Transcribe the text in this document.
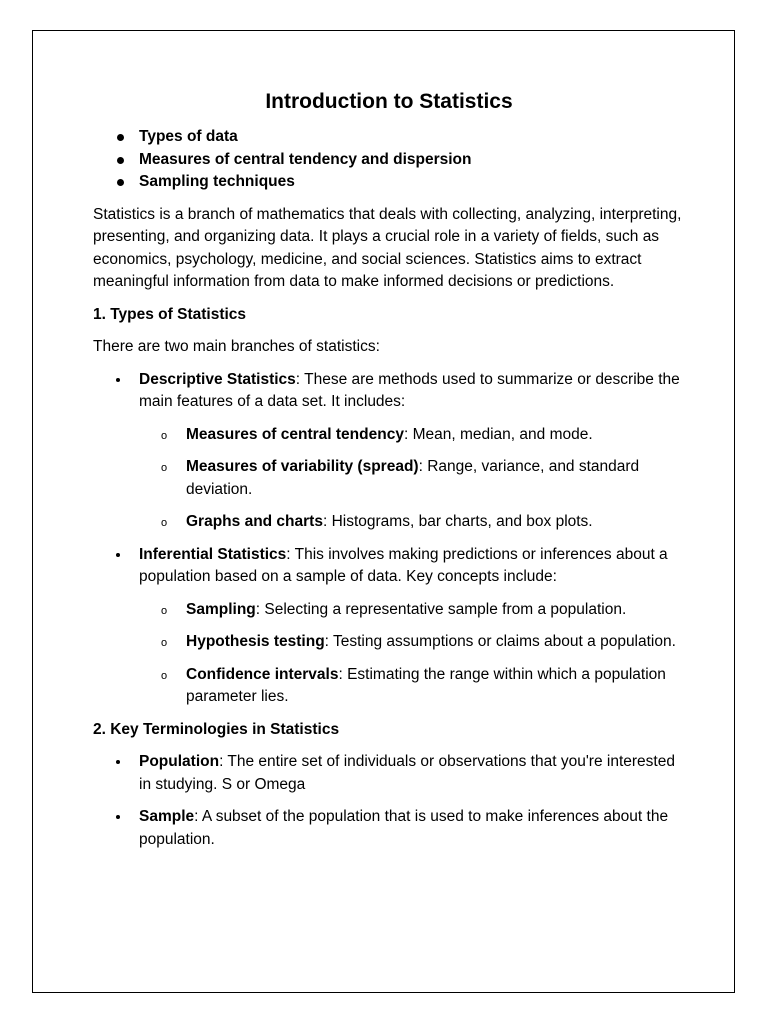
Introduction to Statistics
Types of data
Measures of central tendency and dispersion
Sampling techniques

Statistics is a branch of mathematics that deals with collecting, analyzing, interpreting, presenting, and organizing data. It plays a crucial role in a variety of fields, such as economics, psychology, medicine, and social sciences. Statistics aims to extract meaningful information from data to make informed decisions or predictions.

1. Types of Statistics

There are two main branches of statistics:

Descriptive Statistics: These are methods used to summarize or describe the main features of a data set. It includes:
o Measures of central tendency: Mean, median, and mode.
o Measures of variability (spread): Range, variance, and standard deviation.
o Graphs and charts: Histograms, bar charts, and box plots.
Inferential Statistics: This involves making predictions or inferences about a population based on a sample of data. Key concepts include:
o Sampling: Selecting a representative sample from a population.
o Hypothesis testing: Testing assumptions or claims about a population.
o Confidence intervals: Estimating the range within which a population parameter lies.

2. Key Terminologies in Statistics

Population: The entire set of individuals or observations that you're interested in studying. S or Omega
Sample: A subset of the population that is used to make inferences about the population.
